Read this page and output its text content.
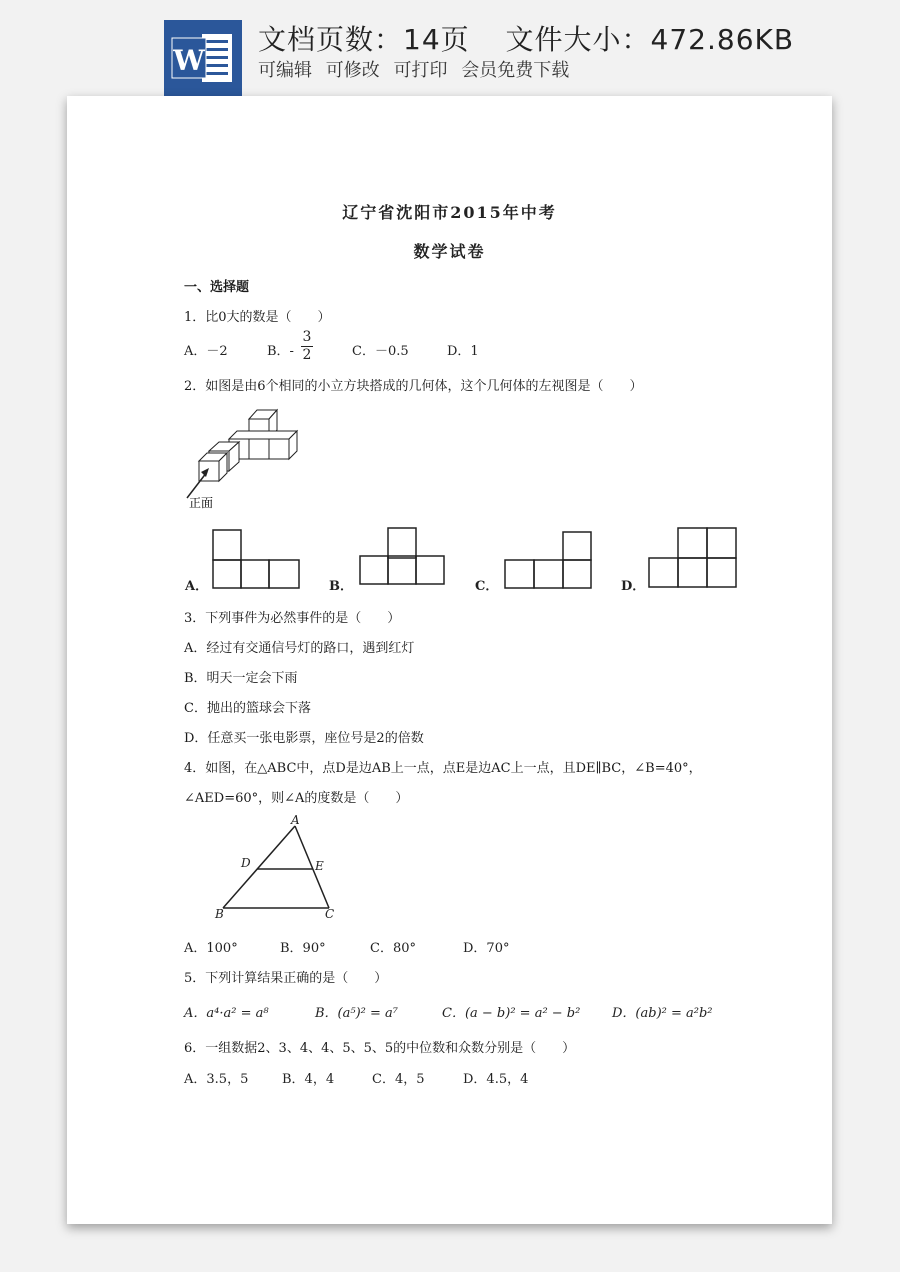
W
文档页数：14页 文件大小：472.86KB
可编辑 可修改 可打印 会员免费下载
辽宁省沈阳市2015年中考
数学试卷
一、选择题
1．比0大的数是（　　）
A．－2	B．-
3
2	C．－0.5	D．1
2．如图是由6个相同的小立方块搭成的几何体，这个几何体的左视图是（　　）
正面
A．	B．	C．	D．
3．下列事件为必然事件的是（　　）
A．经过有交通信号灯的路口，遇到红灯
B．明天一定会下雨
C．抛出的篮球会下落
D．任意买一张电影票，座位号是2的倍数
4．如图，在△ABC中，点D是边AB上一点，点E是边AC上一点，且DE∥BC，∠B=40°，
∠AED=60°，则∠A的度数是（　　）
A
D	E
B	C
A．100°	B．90°	C．80°	D．70°
5．下列计算结果正确的是（　　）
A．a⁴·a² = a⁸	B．(a⁵)² = a⁷	C．(a − b)² = a² − b² D．(ab)² = a²b²
6．一组数据2、3、4、4、5、5、5的中位数和众数分别是（　　）
A．3.5，5	B．4，4	C．4，5	D．4.5，4
